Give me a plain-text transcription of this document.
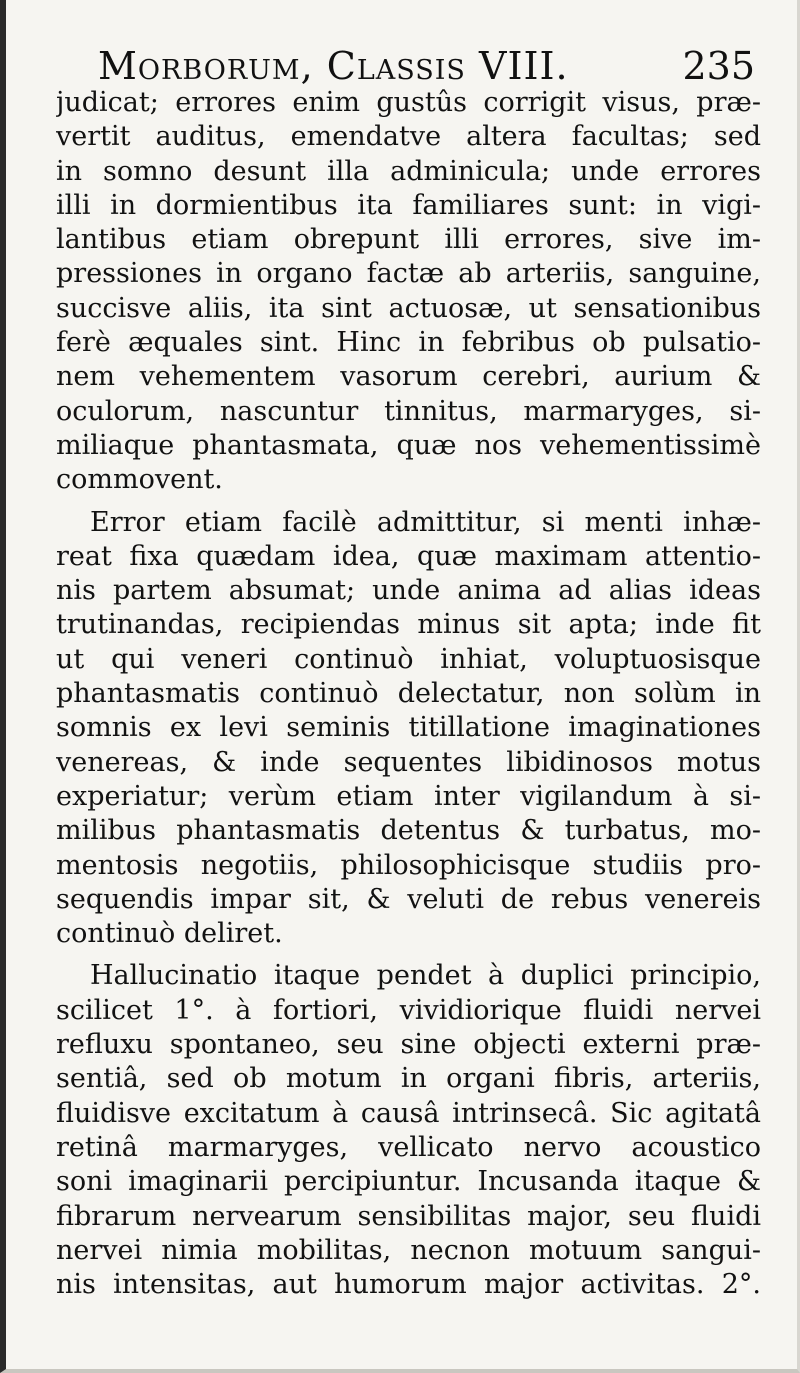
Morborum, Classis VIII.	235
judicat; errores enim gustûs corrigit visus, præ-
vertit auditus, emendatve altera facultas; sed
in somno desunt illa adminicula; unde errores
illi in dormientibus ita familiares sunt: in vigi-
lantibus etiam obrepunt illi errores, sive im-
pressiones in organo factæ ab arteriis, sanguine,
succisve aliis, ita sint actuosæ, ut sensationibus
ferè æquales sint. Hinc in febribus ob pulsatio-
nem vehementem vasorum cerebri, aurium &
oculorum, nascuntur tinnitus, marmaryges, si-
miliaque phantasmata, quæ nos vehementissimè
commovent.
Error etiam facilè admittitur, si menti inhæ-
reat fixa quædam idea, quæ maximam attentio-
nis partem absumat; unde anima ad alias ideas
trutinandas, recipiendas minus sit apta; inde fit
ut qui veneri continuò inhiat, voluptuosisque
phantasmatis continuò delectatur, non solùm in
somnis ex levi seminis titillatione imaginationes
venereas, & inde sequentes libidinosos motus
experiatur; verùm etiam inter vigilandum à si-
milibus phantasmatis detentus & turbatus, mo-
mentosis negotiis, philosophicisque studiis pro-
sequendis impar sit, & veluti de rebus venereis
continuò deliret.
Hallucinatio itaque pendet à duplici principio,
scilicet 1°. à fortiori, vividiorique fluidi nervei
refluxu spontaneo, seu sine objecti externi præ-
sentiâ, sed ob motum in organi fibris, arteriis,
fluidisve excitatum à causâ intrinsecâ. Sic agitatâ
retinâ marmaryges, vellicato nervo acoustico
soni imaginarii percipiuntur. Incusanda itaque &
fibrarum nervearum sensibilitas major, seu fluidi
nervei nimia mobilitas, necnon motuum sangui-
nis intensitas, aut humorum major activitas. 2°.
